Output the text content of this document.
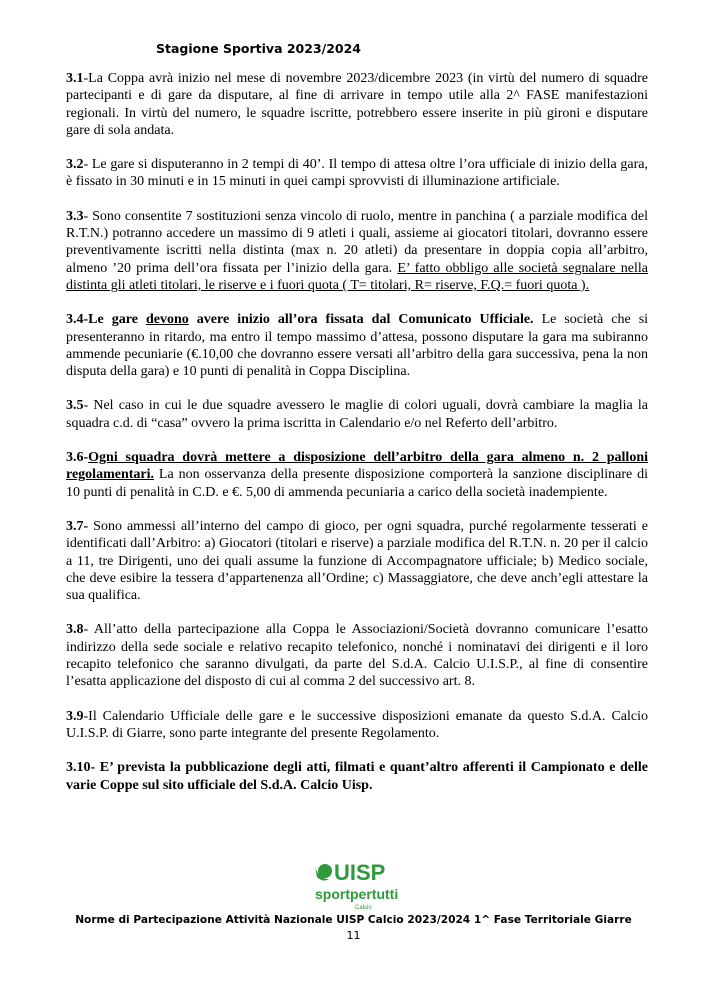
Stagione Sportiva 2023/2024

3.1-La Coppa avrà inizio nel mese di novembre 2023/dicembre 2023 (in virtù del numero di squadre partecipanti e di gare da disputare, al fine di arrivare in tempo utile alla 2^ FASE manifestazioni regionali. In virtù del numero, le squadre iscritte, potrebbero essere inserite in più gironi e disputare gare di sola andata.

3.2- Le gare si disputeranno in 2 tempi di 40’. Il tempo di attesa oltre l’ora ufficiale di inizio della gara, è fissato in 30 minuti e in 15 minuti in quei campi sprovvisti di illuminazione artificiale.

3.3- Sono consentite 7 sostituzioni senza vincolo di ruolo, mentre in panchina ( a parziale modifica del R.T.N.) potranno accedere un massimo di 9 atleti i quali, assieme ai giocatori titolari, dovranno essere preventivamente iscritti nella distinta (max n. 20 atleti) da presentare in doppia copia all’arbitro, almeno ’20 prima dell’ora fissata per l’inizio della gara. E’ fatto obbligo alle società segnalare nella distinta gli atleti titolari, le riserve e i fuori quota ( T= titolari, R= riserve, F.Q.= fuori quota ).

3.4-Le gare devono avere inizio all’ora fissata dal Comunicato Ufficiale. Le società che si presenteranno in ritardo, ma entro il tempo massimo d’attesa, possono disputare la gara ma subiranno ammende pecuniarie (€.10,00 che dovranno essere versati all’arbitro della gara successiva, pena la non disputa della gara) e 10 punti di penalità in Coppa Disciplina.

3.5- Nel caso in cui le due squadre avessero le maglie di colori uguali, dovrà cambiare la maglia la squadra c.d. di “casa” ovvero la prima iscritta in Calendario e/o nel Referto dell’arbitro.

3.6-Ogni squadra dovrà mettere a disposizione dell’arbitro della gara almeno n. 2 palloni regolamentari. La non osservanza della presente disposizione comporterà la sanzione disciplinare di 10 punti di penalità in C.D. e €. 5,00 di ammenda pecuniaria a carico della società inadempiente.

3.7- Sono ammessi all’interno del campo di gioco, per ogni squadra, purché regolarmente tesserati e identificati dall’Arbitro: a) Giocatori (titolari e riserve) a parziale modifica del R.T.N. n. 20 per il calcio a 11, tre Dirigenti, uno dei quali assume la funzione di Accompagnatore ufficiale; b) Medico sociale, che deve esibire la tessera d’appartenenza all’Ordine; c) Massaggiatore, che deve anch’egli attestare la sua qualifica.

3.8- All’atto della partecipazione alla Coppa le Associazioni/Società dovranno comunicare l’esatto indirizzo della sede sociale e relativo recapito telefonico, nonché i nominatavi dei dirigenti e il loro recapito telefonico che saranno divulgati, da parte del S.d.A. Calcio U.I.S.P., al fine di consentire l’esatta applicazione del disposto di cui al comma 2 del successivo art. 8.

3.9-Il Calendario Ufficiale delle gare e le successive disposizioni emanate da questo S.d.A. Calcio U.I.S.P. di Giarre, sono parte integrante del presente Regolamento.

3.10- E’ prevista la pubblicazione degli atti, filmati e quant’altro afferenti il Campionato e delle varie Coppe sul sito ufficiale del S.d.A. Calcio Uisp.

UISP
sportpertutti
Calcio
Norme di Partecipazione Attività Nazionale UISP Calcio 2023/2024 1^ Fase Territoriale Giarre
11
